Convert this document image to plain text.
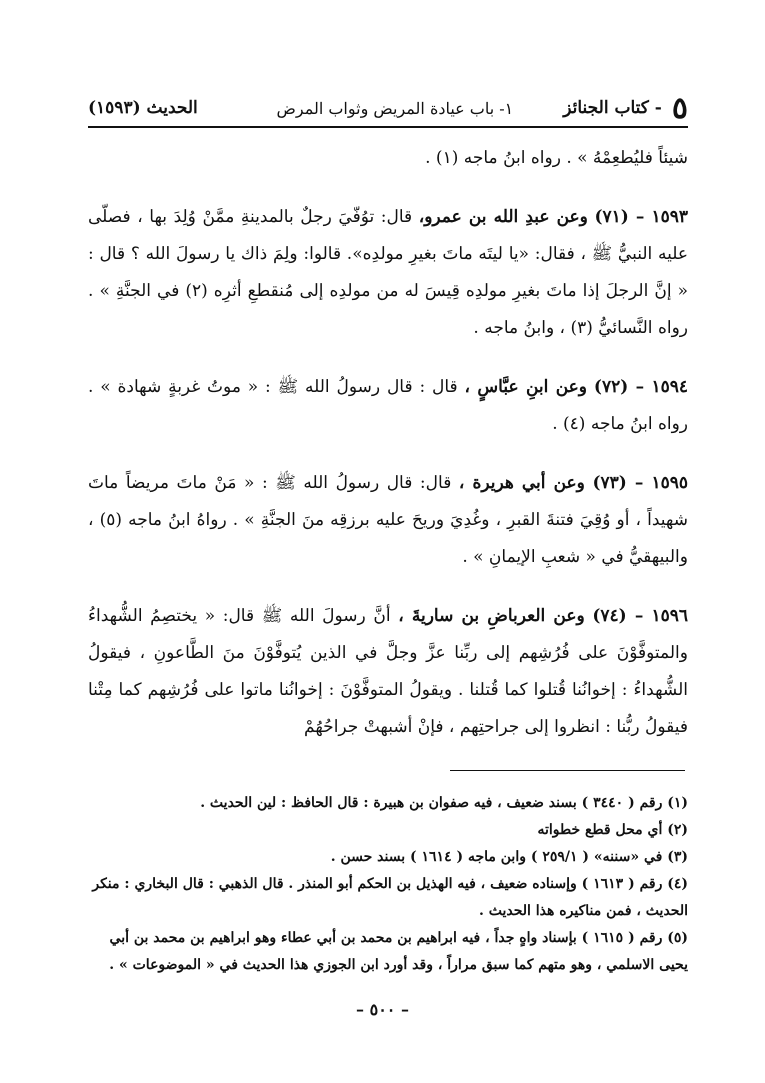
٥
- كتاب الجنائز
١- باب عيادة المريض وثواب المرض
الحديث (١٥٩٣)

شيئاً فليُطعِمْهُ » . رواه ابنُ ماجه (١) .

١٥٩٣ – (٧١) وعن عبدِ الله بن عمرو، قال: توُفّيَ رجلٌ بالمدينةِ ممَّنْ وُلِدَ بها ، فصلّى عليه النبيُّ ﷺ ، فقال: «يا ليتَه ماتَ بغيرِ مولدِه». قالوا: ولِمَ ذاك يا رسولَ الله ؟ قال : « إنَّ الرجلَ إذا ماتَ بغيرِ مولدِه قِيسَ له من مولدِه إلى مُنقطعِ أثرِه (٢) في الجنَّةِ » . رواه النَّسائيُّ (٣) ، وابنُ ماجه .

١٥٩٤ – (٧٢) وعن ابنِ عبَّاسٍ ، قال : قال رسولُ الله ﷺ : « موتُ غربةٍ شهادة » . رواه ابنُ ماجه (٤) .

١٥٩٥ – (٧٣) وعن أبي هريرة ، قال: قال رسولُ الله ﷺ : « مَنْ ماتَ مريضاً ماتَ شهيداً ، أو وُقِيَ فتنةَ القبرِ ، وغُدِيَ وريحَ عليه برزقِه منَ الجنَّةِ » . رواهُ ابنُ ماجه (٥) ، والبيهقيُّ في « شعبِ الإيمانِ » .

١٥٩٦ – (٧٤) وعن العرباضِ بن ساريةَ ، أنَّ رسولَ الله ﷺ قال: « يختصِمُ الشُّهداءُ والمتوفَّوْنَ على فُرُشِهم إلى ربِّنا عزَّ وجلَّ في الذين يُتوفَّوْنَ منَ الطَّاعونِ ، فيقولُ الشُّهداءُ : إخوانُنا قُتلوا كما قُتلنا . ويقولُ المتوفَّوْنَ : إخوانُنا ماتوا على فُرُشِهم كما مِتْنا فيقولُ ربُّنا : انظروا إلى جراحتِهم ، فإنْ أشبهتْ جراحُهُمْ

(١) رقم ( ٣٤٤٠ ) بسند ضعيف ، فيه صفوان بن هبيرة : قال الحافظ : لين الحديث .

(٢) أي محل قطع خطواته

(٣) في «سننه» ( ٢٥٩/١ ) وابن ماجه ( ١٦١٤ ) بسند حسن .

(٤) رقم ( ١٦١٣ ) وإسناده ضعيف ، فيه الهذيل بن الحكم أبو المنذر . قال الذهبي : قال البخاري : منكر الحديث ، فمن مناكيره هذا الحديث .

(٥) رقم ( ١٦١٥ ) بإسناد واهٍ جداً ، فيه ابراهيم بن محمد بن أبي عطاء وهو ابراهيم بن محمد بن أبي يحيى الاسلمي ، وهو متهم كما سبق مراراً ، وقد أورد ابن الجوزي هذا الحديث في « الموضوعات » .

– ٥٠٠ –
